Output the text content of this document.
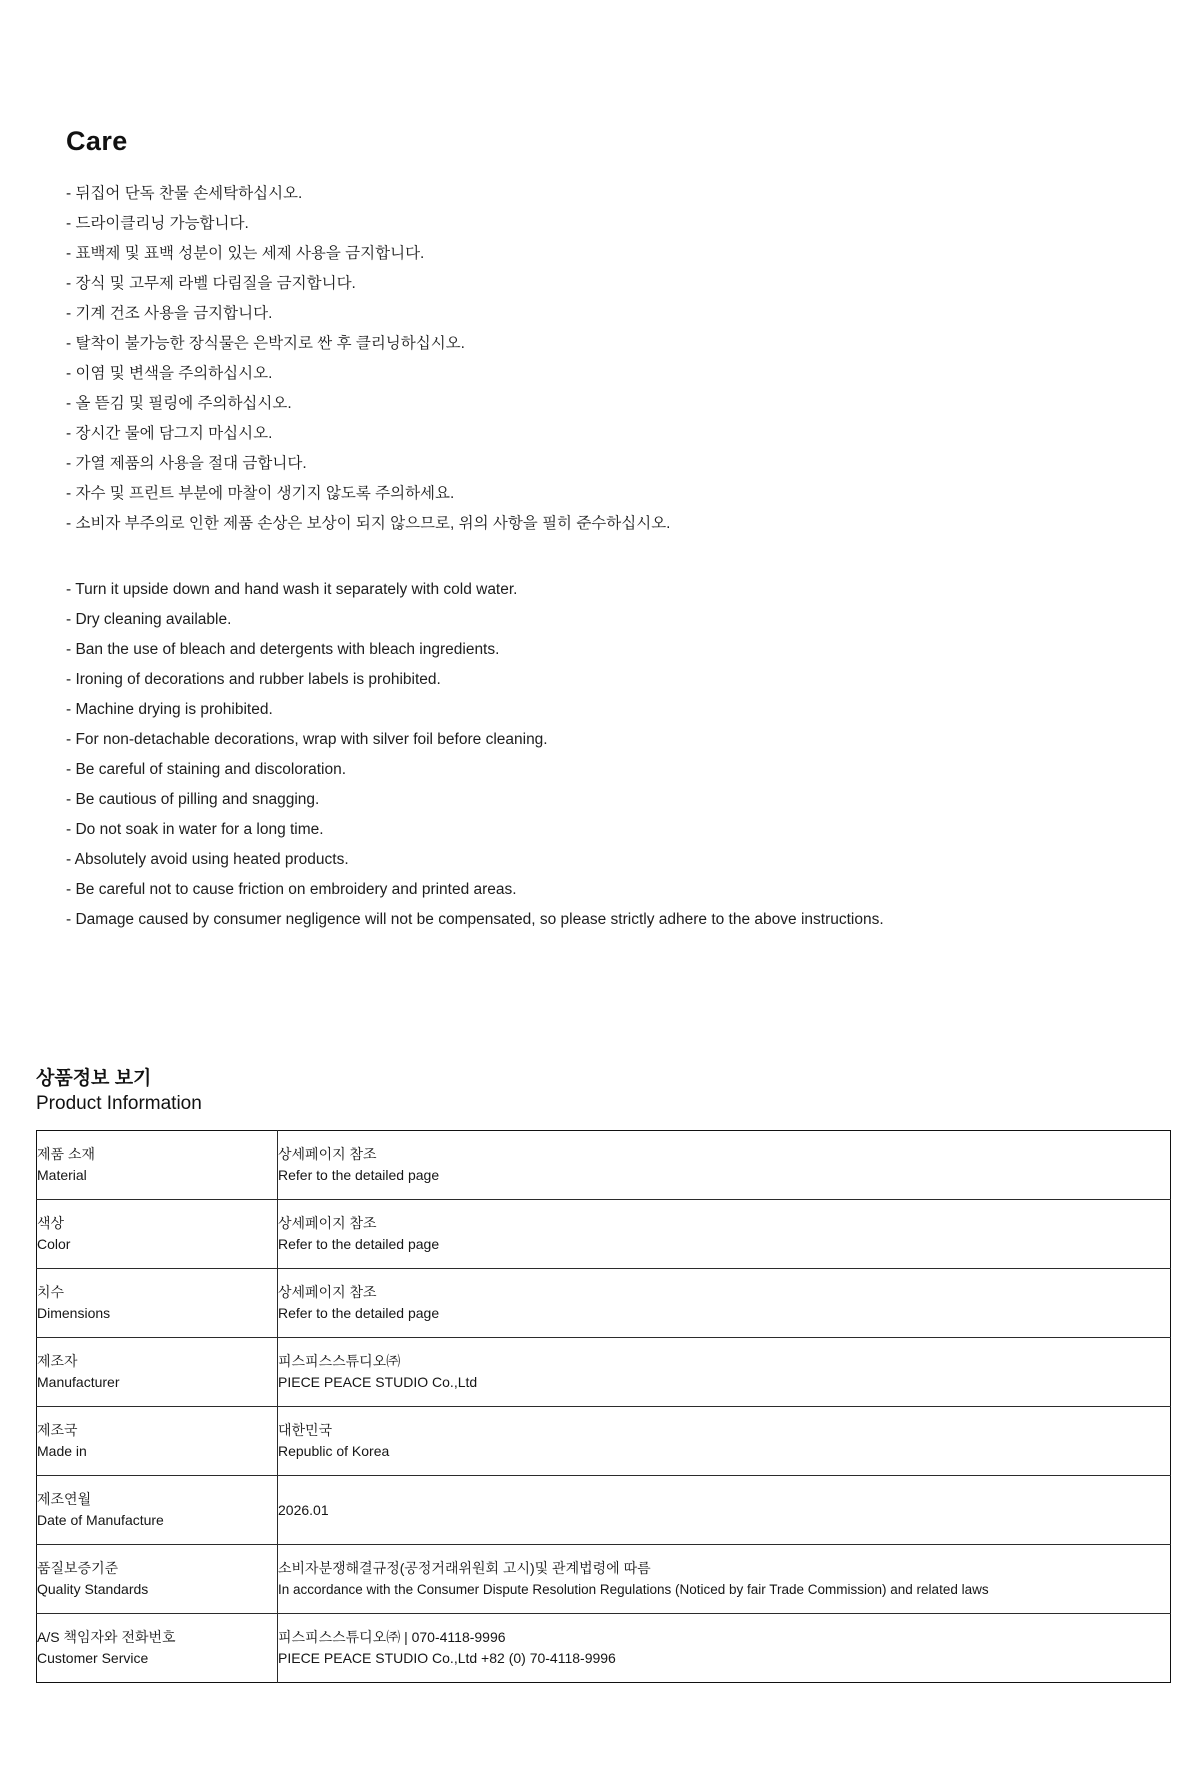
Care
- 뒤집어 단독 찬물 손세탁하십시오.
- 드라이클리닝 가능합니다.
- 표백제 및 표백 성분이 있는 세제 사용을 금지합니다.
- 장식 및 고무제 라벨 다림질을 금지합니다.
- 기계 건조 사용을 금지합니다.
- 탈착이 불가능한 장식물은 은박지로 싼 후 클리닝하십시오.
- 이염 및 변색을 주의하십시오.
- 올 뜯김 및 필링에 주의하십시오.
- 장시간 물에 담그지 마십시오.
- 가열 제품의 사용을 절대 금합니다.
- 자수 및 프린트 부분에 마찰이 생기지 않도록 주의하세요.
- 소비자 부주의로 인한 제품 손상은 보상이 되지 않으므로, 위의 사항을 필히 준수하십시오.
- Turn it upside down and hand wash it separately with cold water.
- Dry cleaning available.
- Ban the use of bleach and detergents with bleach ingredients.
- Ironing of decorations and rubber labels is prohibited.
- Machine drying is prohibited.
- For non-detachable decorations, wrap with silver foil before cleaning.
- Be careful of staining and discoloration.
- Be cautious of pilling and snagging.
- Do not soak in water for a long time.
- Absolutely avoid using heated products.
- Be careful not to cause friction on embroidery and printed areas.
- Damage caused by consumer negligence will not be compensated, so please strictly adhere to the above instructions.
상품정보 보기
Product Information
제품 소재
Material	상세페이지 참조
Refer to the detailed page

색상
Color	상세페이지 참조
Refer to the detailed page

치수
Dimensions	상세페이지 참조
Refer to the detailed page

제조자
Manufacturer	피스피스스튜디오㈜
PIECE PEACE STUDIO Co.,Ltd

제조국
Made in	대한민국
Republic of Korea

제조연월
Date of Manufacture	2026.01

품질보증기준
Quality Standards	소비자분쟁해결규정(공정거래위원회 고시)및 관계법령에 따름
In accordance with the Consumer Dispute Resolution Regulations (Noticed by fair Trade Commission) and related laws

A/S 책임자와 전화번호
Customer Service	피스피스스튜디오㈜ | 070-4118-9996
PIECE PEACE STUDIO Co.,Ltd +82 (0) 70-4118-9996
